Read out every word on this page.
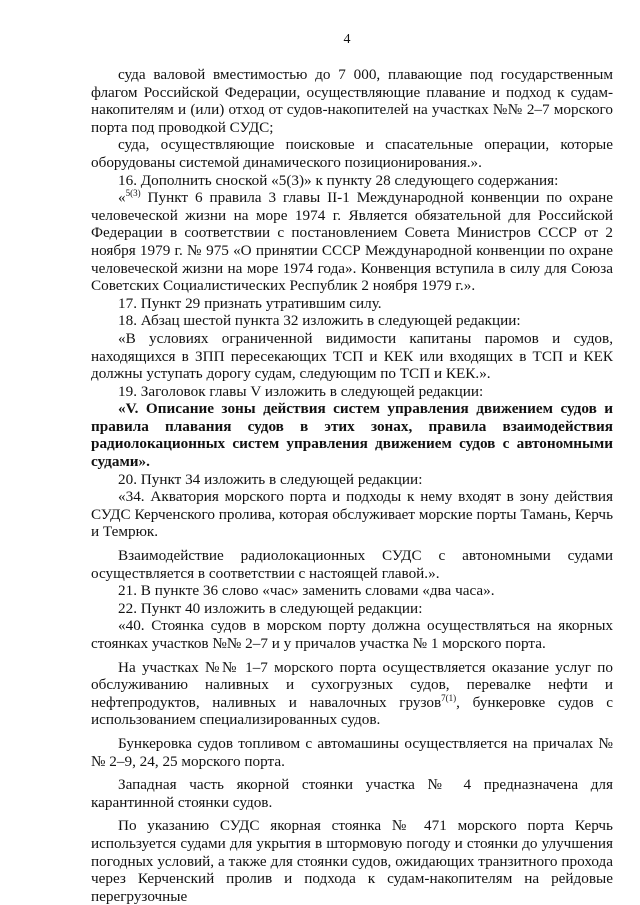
4

суда валовой вместимостью до 7 000, плавающие под государственным флагом Российской Федерации, осуществляющие плавание и подход к судам-накопителям и (или) отход от судов-накопителей на участках №№ 2–7 морского порта под проводкой СУДС;

суда, осуществляющие поисковые и спасательные операции, которые оборудованы системой динамического позиционирования.».

16. Дополнить сноской «5(3)» к пункту 28 следующего содержания:

«$^{5(3)}$ Пункт 6 правила 3 главы II-1 Международной конвенции по охране человеческой жизни на море 1974 г. Является обязательной для Российской Федерации в соответствии с постановлением Совета Министров СССР от 2 ноября 1979 г. № 975 «О принятии СССР Международной конвенции по охране человеческой жизни на море 1974 года». Конвенция вступила в силу для Союза Советских Социалистических Республик 2 ноября 1979 г.».

17. Пункт 29 признать утратившим силу.

18. Абзац шестой пункта 32 изложить в следующей редакции:

«В условиях ограниченной видимости капитаны паромов и судов, находящихся в ЗПП пересекающих ТСП и КЕК или входящих в ТСП и КЕК должны уступать дорогу судам, следующим по ТСП и КЕК.».

19. Заголовок главы V изложить в следующей редакции:

«V. Описание зоны действия систем управления движением судов и правила плавания судов в этих зонах, правила взаимодействия радиолокационных систем управления движением судов с автономными судами».

20. Пункт 34 изложить в следующей редакции:

«34. Акватория морского порта и подходы к нему входят в зону действия СУДС Керченского пролива, которая обслуживает морские порты Тамань, Керчь и Темрюк.

Взаимодействие радиолокационных СУДС с автономными судами осуществляется в соответствии с настоящей главой.».

21. В пункте 36 слово «час» заменить словами «два часа».

22. Пункт 40 изложить в следующей редакции:

«40. Стоянка судов в морском порту должна осуществляться на якорных стоянках участков №№ 2–7 и у причалов участка № 1 морского порта.

На участках №№ 1–7 морского порта осуществляется оказание услуг по обслуживанию наливных и сухогрузных судов, перевалке нефти и нефтепродуктов, наливных и навалочных грузов$^{7(1)}$, бункеровке судов с использованием специализированных судов.

Бункеровка судов топливом с автомашины осуществляется на причалах №№ 2–9, 24, 25 морского порта.

Западная часть якорной стоянки участка № 4 предназначена для карантинной стоянки судов.

По указанию СУДС якорная стоянка № 471 морского порта Керчь используется судами для укрытия в штормовую погоду и стоянки до улучшения погодных условий, а также для стоянки судов, ожидающих транзитного прохода через Керченский пролив и подхода к судам-накопителям на рейдовые перегрузочные
